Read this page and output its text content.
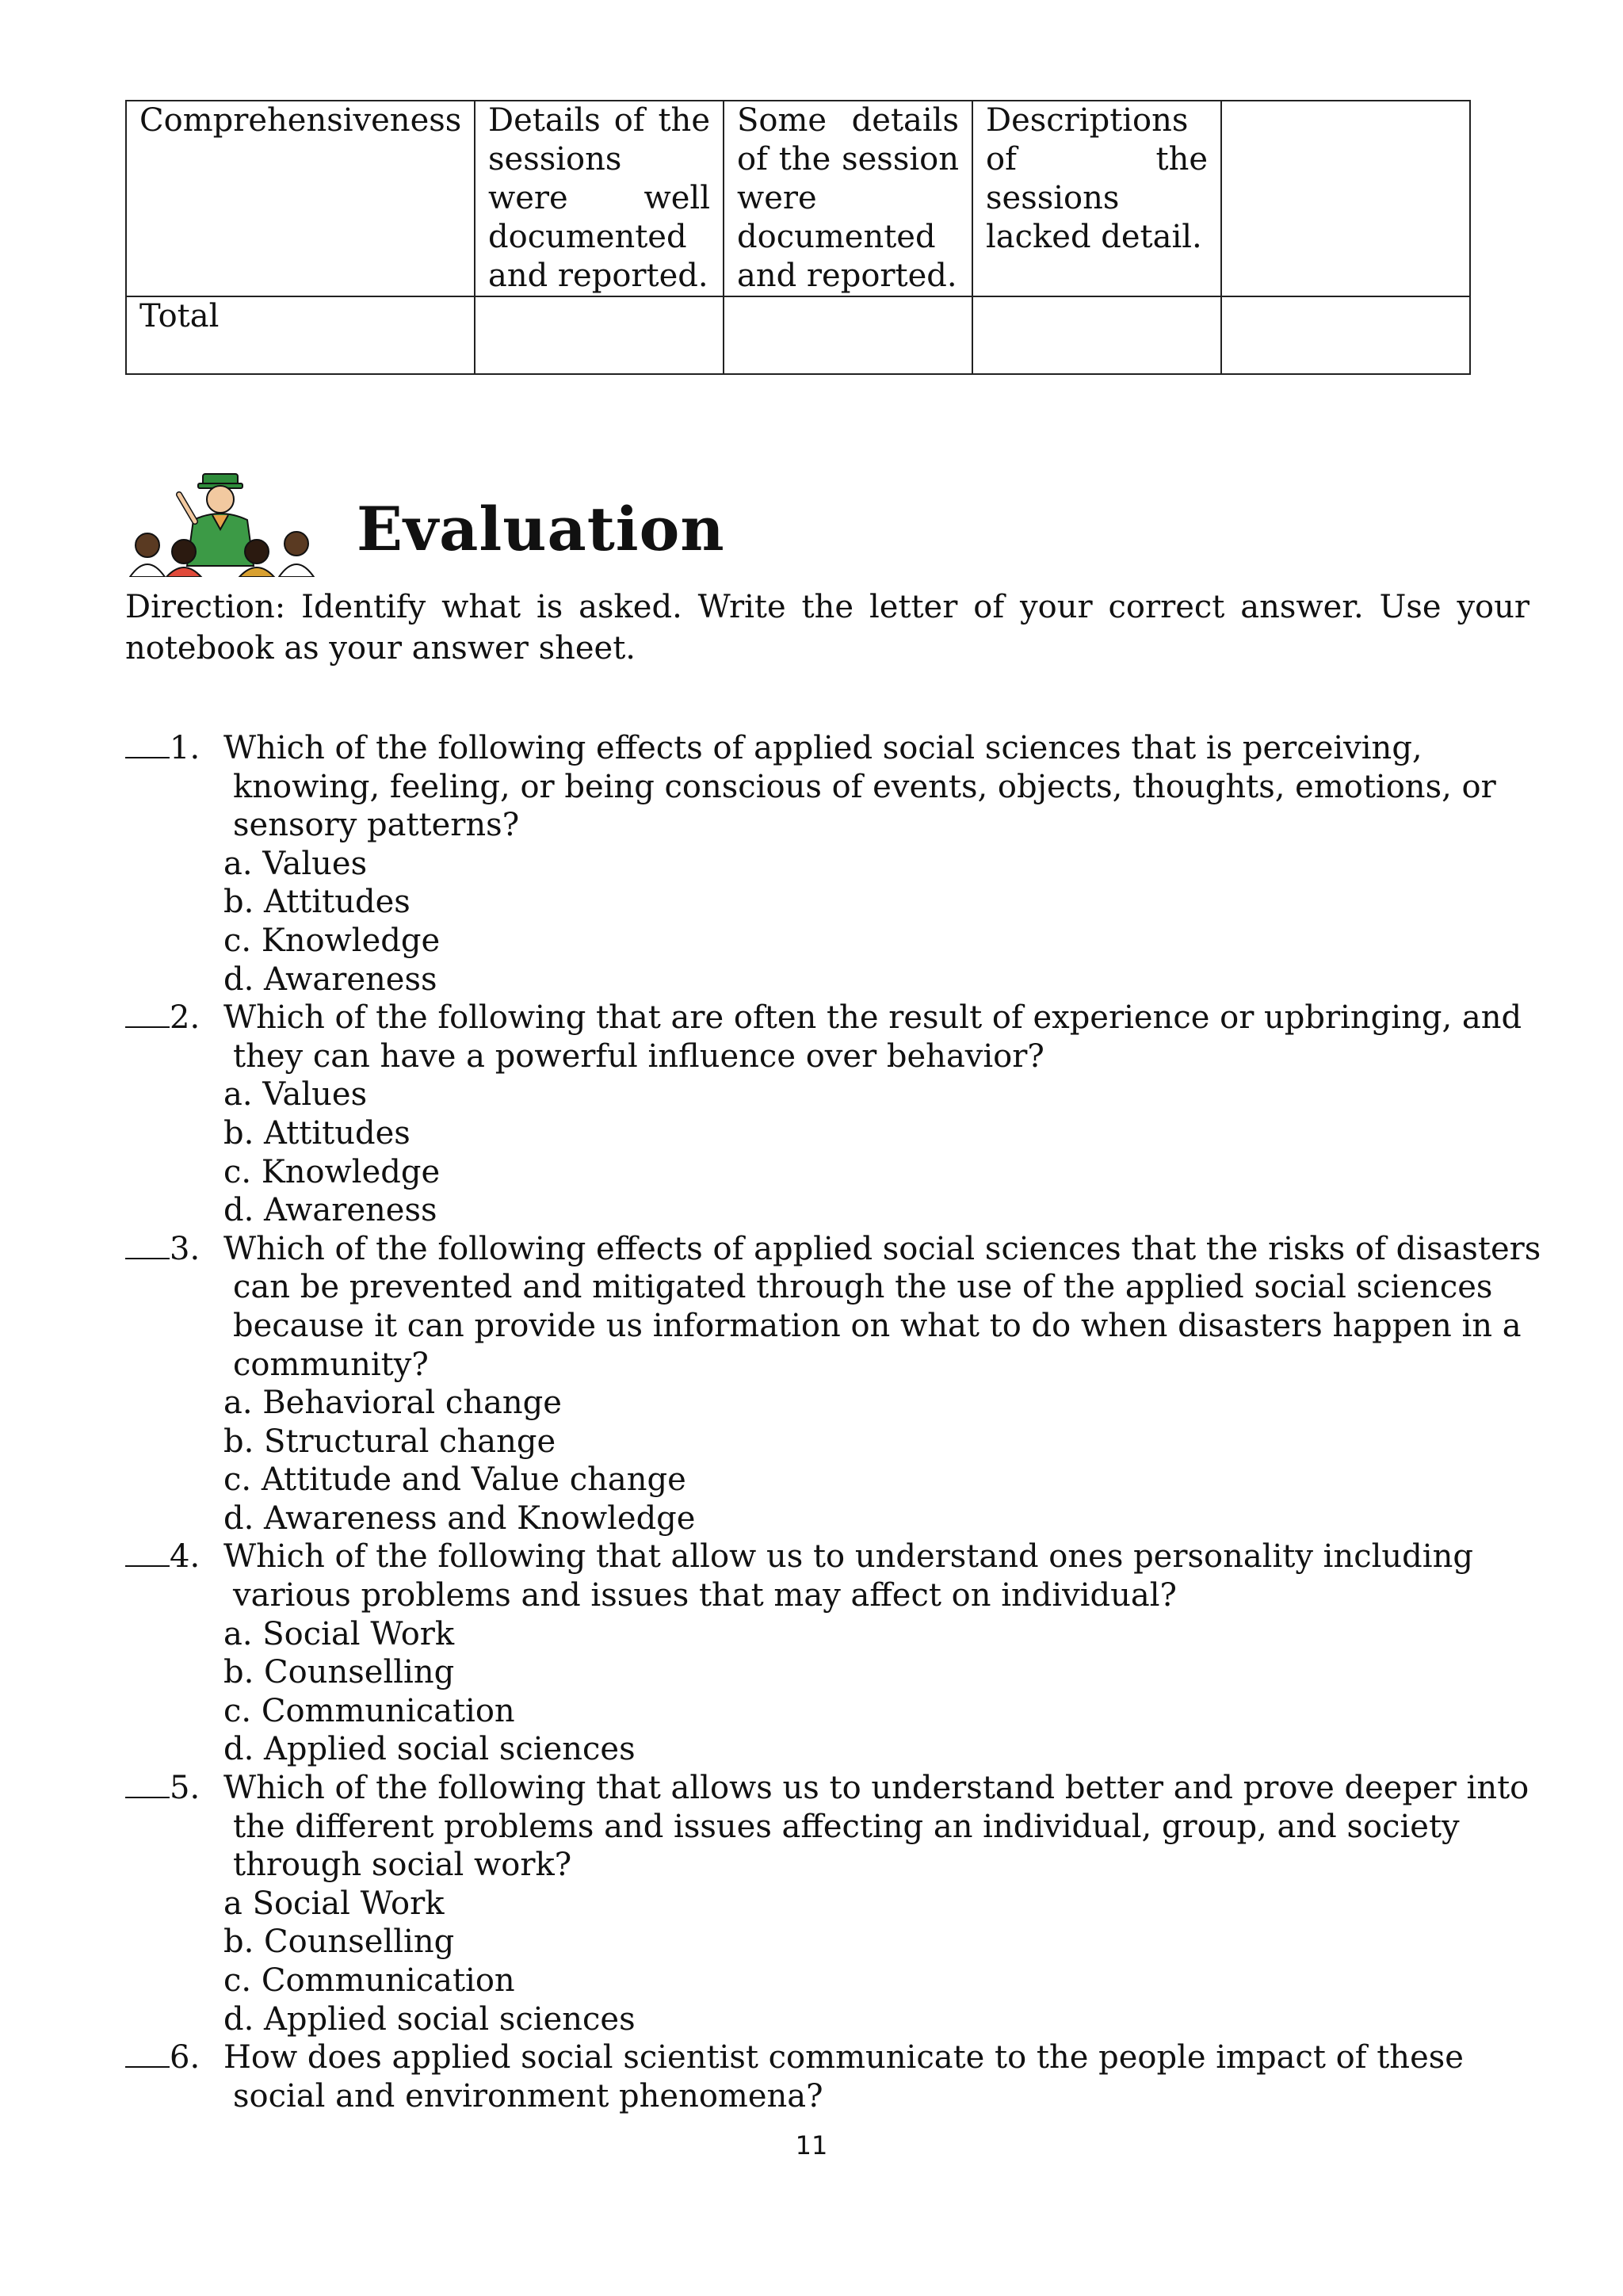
Comprehensiveness	Details of the sessions were well documented and reported.	Some details of the session were documented and reported.	Descriptions of the sessions lacked detail.	

Total				
Evaluation
Direction: Identify what is asked. Write the letter of your correct answer. Use your notebook as your answer sheet.
1. Which of the following effects of applied social sciences that is perceiving, knowing, feeling, or being conscious of events, objects, thoughts, emotions, or sensory patterns?
a. Values
b. Attitudes
c. Knowledge
d. Awareness
2. Which of the following that are often the result of experience or upbringing, and they can have a powerful influence over behavior?
a. Values
b. Attitudes
c. Knowledge
d. Awareness
3. Which of the following effects of applied social sciences that the risks of disasters can be prevented and mitigated through the use of the applied social sciences because it can provide us information on what to do when disasters happen in a community?
a. Behavioral change
b. Structural change
c. Attitude and Value change
d. Awareness and Knowledge
4. Which of the following that allow us to understand ones personality including various problems and issues that may affect on individual?
a. Social Work
b. Counselling
c. Communication
d. Applied social sciences
5. Which of the following that allows us to understand better and prove deeper into the different problems and issues affecting an individual, group, and society through social work?
a Social Work
b. Counselling
c. Communication
d. Applied social sciences
6. How does applied social scientist communicate to the people impact of these social and environment phenomena?
11
